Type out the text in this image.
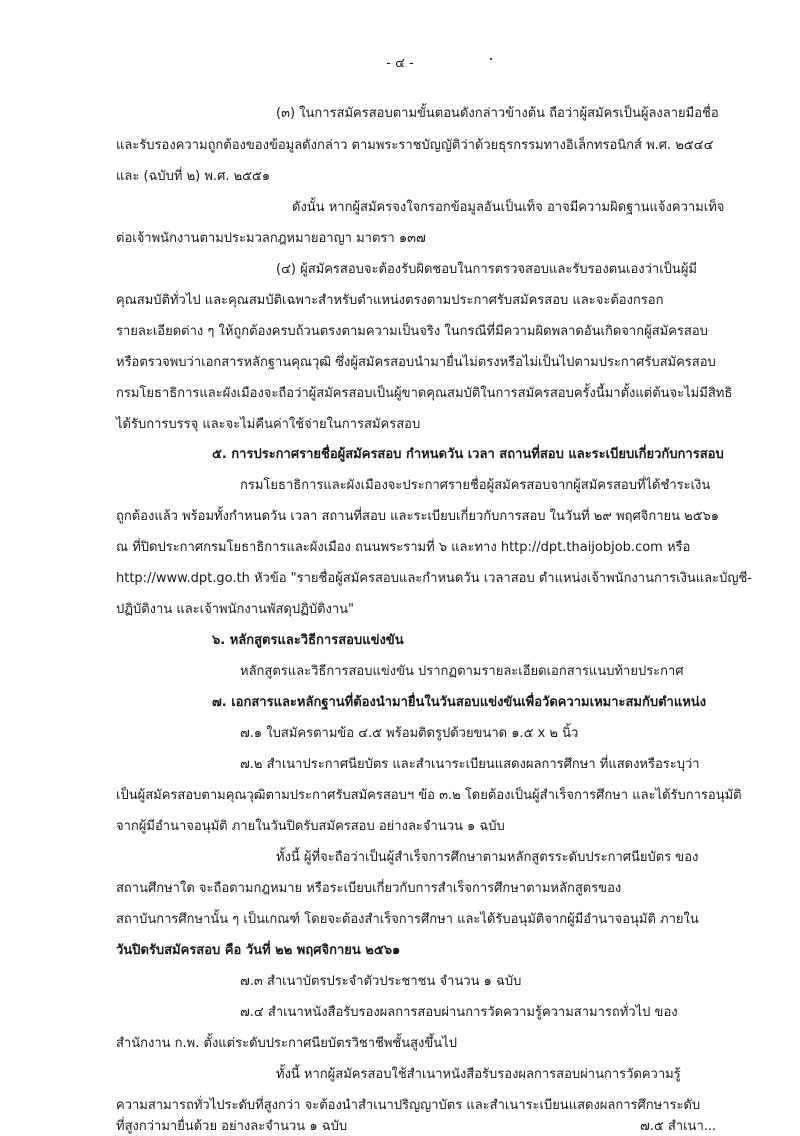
- ๔ -
(๓) ในการสมัครสอบตามขั้นตอนดังกล่าวข้างต้น ถือว่าผู้สมัครเป็นผู้ลงลายมือชื่อ
และรับรองความถูกต้องของข้อมูลดังกล่าว ตามพระราชบัญญัติว่าด้วยธุรกรรมทางอิเล็กทรอนิกส์ พ.ศ. ๒๕๔๔
และ (ฉบับที่ ๒) พ.ศ. ๒๕๕๑
ดังนั้น หากผู้สมัครจงใจกรอกข้อมูลอันเป็นเท็จ อาจมีความผิดฐานแจ้งความเท็จ
ต่อเจ้าพนักงานตามประมวลกฎหมายอาญา มาตรา ๑๓๗
(๔) ผู้สมัครสอบจะต้องรับผิดชอบในการตรวจสอบและรับรองตนเองว่าเป็นผู้มี
คุณสมบัติทั่วไป และคุณสมบัติเฉพาะสำหรับตำแหน่งตรงตามประกาศรับสมัครสอบ และจะต้องกรอก
รายละเอียดต่าง ๆ ให้ถูกต้องครบถ้วนตรงตามความเป็นจริง ในกรณีที่มีความผิดพลาดอันเกิดจากผู้สมัครสอบ
หรือตรวจพบว่าเอกสารหลักฐานคุณวุฒิ ซึ่งผู้สมัครสอบนำมายื่นไม่ตรงหรือไม่เป็นไปตามประกาศรับสมัครสอบ
กรมโยธาธิการและผังเมืองจะถือว่าผู้สมัครสอบเป็นผู้ขาดคุณสมบัติในการสมัครสอบครั้งนี้มาตั้งแต่ต้นจะไม่มีสิทธิ
ได้รับการบรรจุ และจะไม่คืนค่าใช้จ่ายในการสมัครสอบ
๕. การประกาศรายชื่อผู้สมัครสอบ กำหนดวัน เวลา สถานที่สอบ และระเบียบเกี่ยวกับการสอบ
กรมโยธาธิการและผังเมืองจะประกาศรายชื่อผู้สมัครสอบจากผู้สมัครสอบที่ได้ชำระเงิน
ถูกต้องแล้ว พร้อมทั้งกำหนดวัน เวลา สถานที่สอบ และระเบียบเกี่ยวกับการสอบ ในวันที่ ๒๙ พฤศจิกายน ๒๕๖๑
ณ ที่ปิดประกาศกรมโยธาธิการและผังเมือง ถนนพระรามที่ ๖ และทาง http://dpt.thaijobjob.com หรือ
http://www.dpt.go.th หัวข้อ "รายชื่อผู้สมัครสอบและกำหนดวัน เวลาสอบ ตำแหน่งเจ้าพนักงานการเงินและบัญชี-
ปฏิบัติงาน และเจ้าพนักงานพัสดุปฏิบัติงาน"
๖. หลักสูตรและวิธีการสอบแข่งขัน
หลักสูตรและวิธีการสอบแข่งขัน ปรากฏตามรายละเอียดเอกสารแนบท้ายประกาศ
๗. เอกสารและหลักฐานที่ต้องนำมายื่นในวันสอบแข่งขันเพื่อวัดความเหมาะสมกับตำแหน่ง
๗.๑ ใบสมัครตามข้อ ๔.๕ พร้อมติดรูปด้วยขนาด ๑.๕ x ๒ นิ้ว
๗.๒ สำเนาประกาศนียบัตร และสำเนาระเบียนแสดงผลการศึกษา ที่แสดงหรือระบุว่า
เป็นผู้สมัครสอบตามคุณวุฒิตามประกาศรับสมัครสอบฯ ข้อ ๓.๒ โดยต้องเป็นผู้สำเร็จการศึกษา และได้รับการอนุมัติ
จากผู้มีอำนาจอนุมัติ ภายในวันปิดรับสมัครสอบ อย่างละจำนวน ๑ ฉบับ
ทั้งนี้ ผู้ที่จะถือว่าเป็นผู้สำเร็จการศึกษาตามหลักสูตรระดับประกาศนียบัตร ของ
สถานศึกษาใด จะถือตามกฎหมาย หรือระเบียบเกี่ยวกับการสำเร็จการศึกษาตามหลักสูตรของ
สถาบันการศึกษานั้น ๆ เป็นเกณฑ์ โดยจะต้องสำเร็จการศึกษา และได้รับอนุมัติจากผู้มีอำนาจอนุมัติ ภายใน
วันปิดรับสมัครสอบ คือ วันที่ ๒๒ พฤศจิกายน ๒๕๖๑
๗.๓ สำเนาบัตรประจำตัวประชาชน จำนวน ๑ ฉบับ
๗.๔ สำเนาหนังสือรับรองผลการสอบผ่านการวัดความรู้ความสามารถทั่วไป ของ
สำนักงาน ก.พ. ตั้งแต่ระดับประกาศนียบัตรวิชาชีพชั้นสูงขึ้นไป
ทั้งนี้ หากผู้สมัครสอบใช้สำเนาหนังสือรับรองผลการสอบผ่านการวัดความรู้
ความสามารถทั่วไประดับที่สูงกว่า จะต้องนำสำเนาปริญญาบัตร และสำเนาระเบียนแสดงผลการศึกษาระดับ
ที่สูงกว่ามายื่นด้วย อย่างละจำนวน ๑ ฉบับ	๗.๕ สำเนา...
